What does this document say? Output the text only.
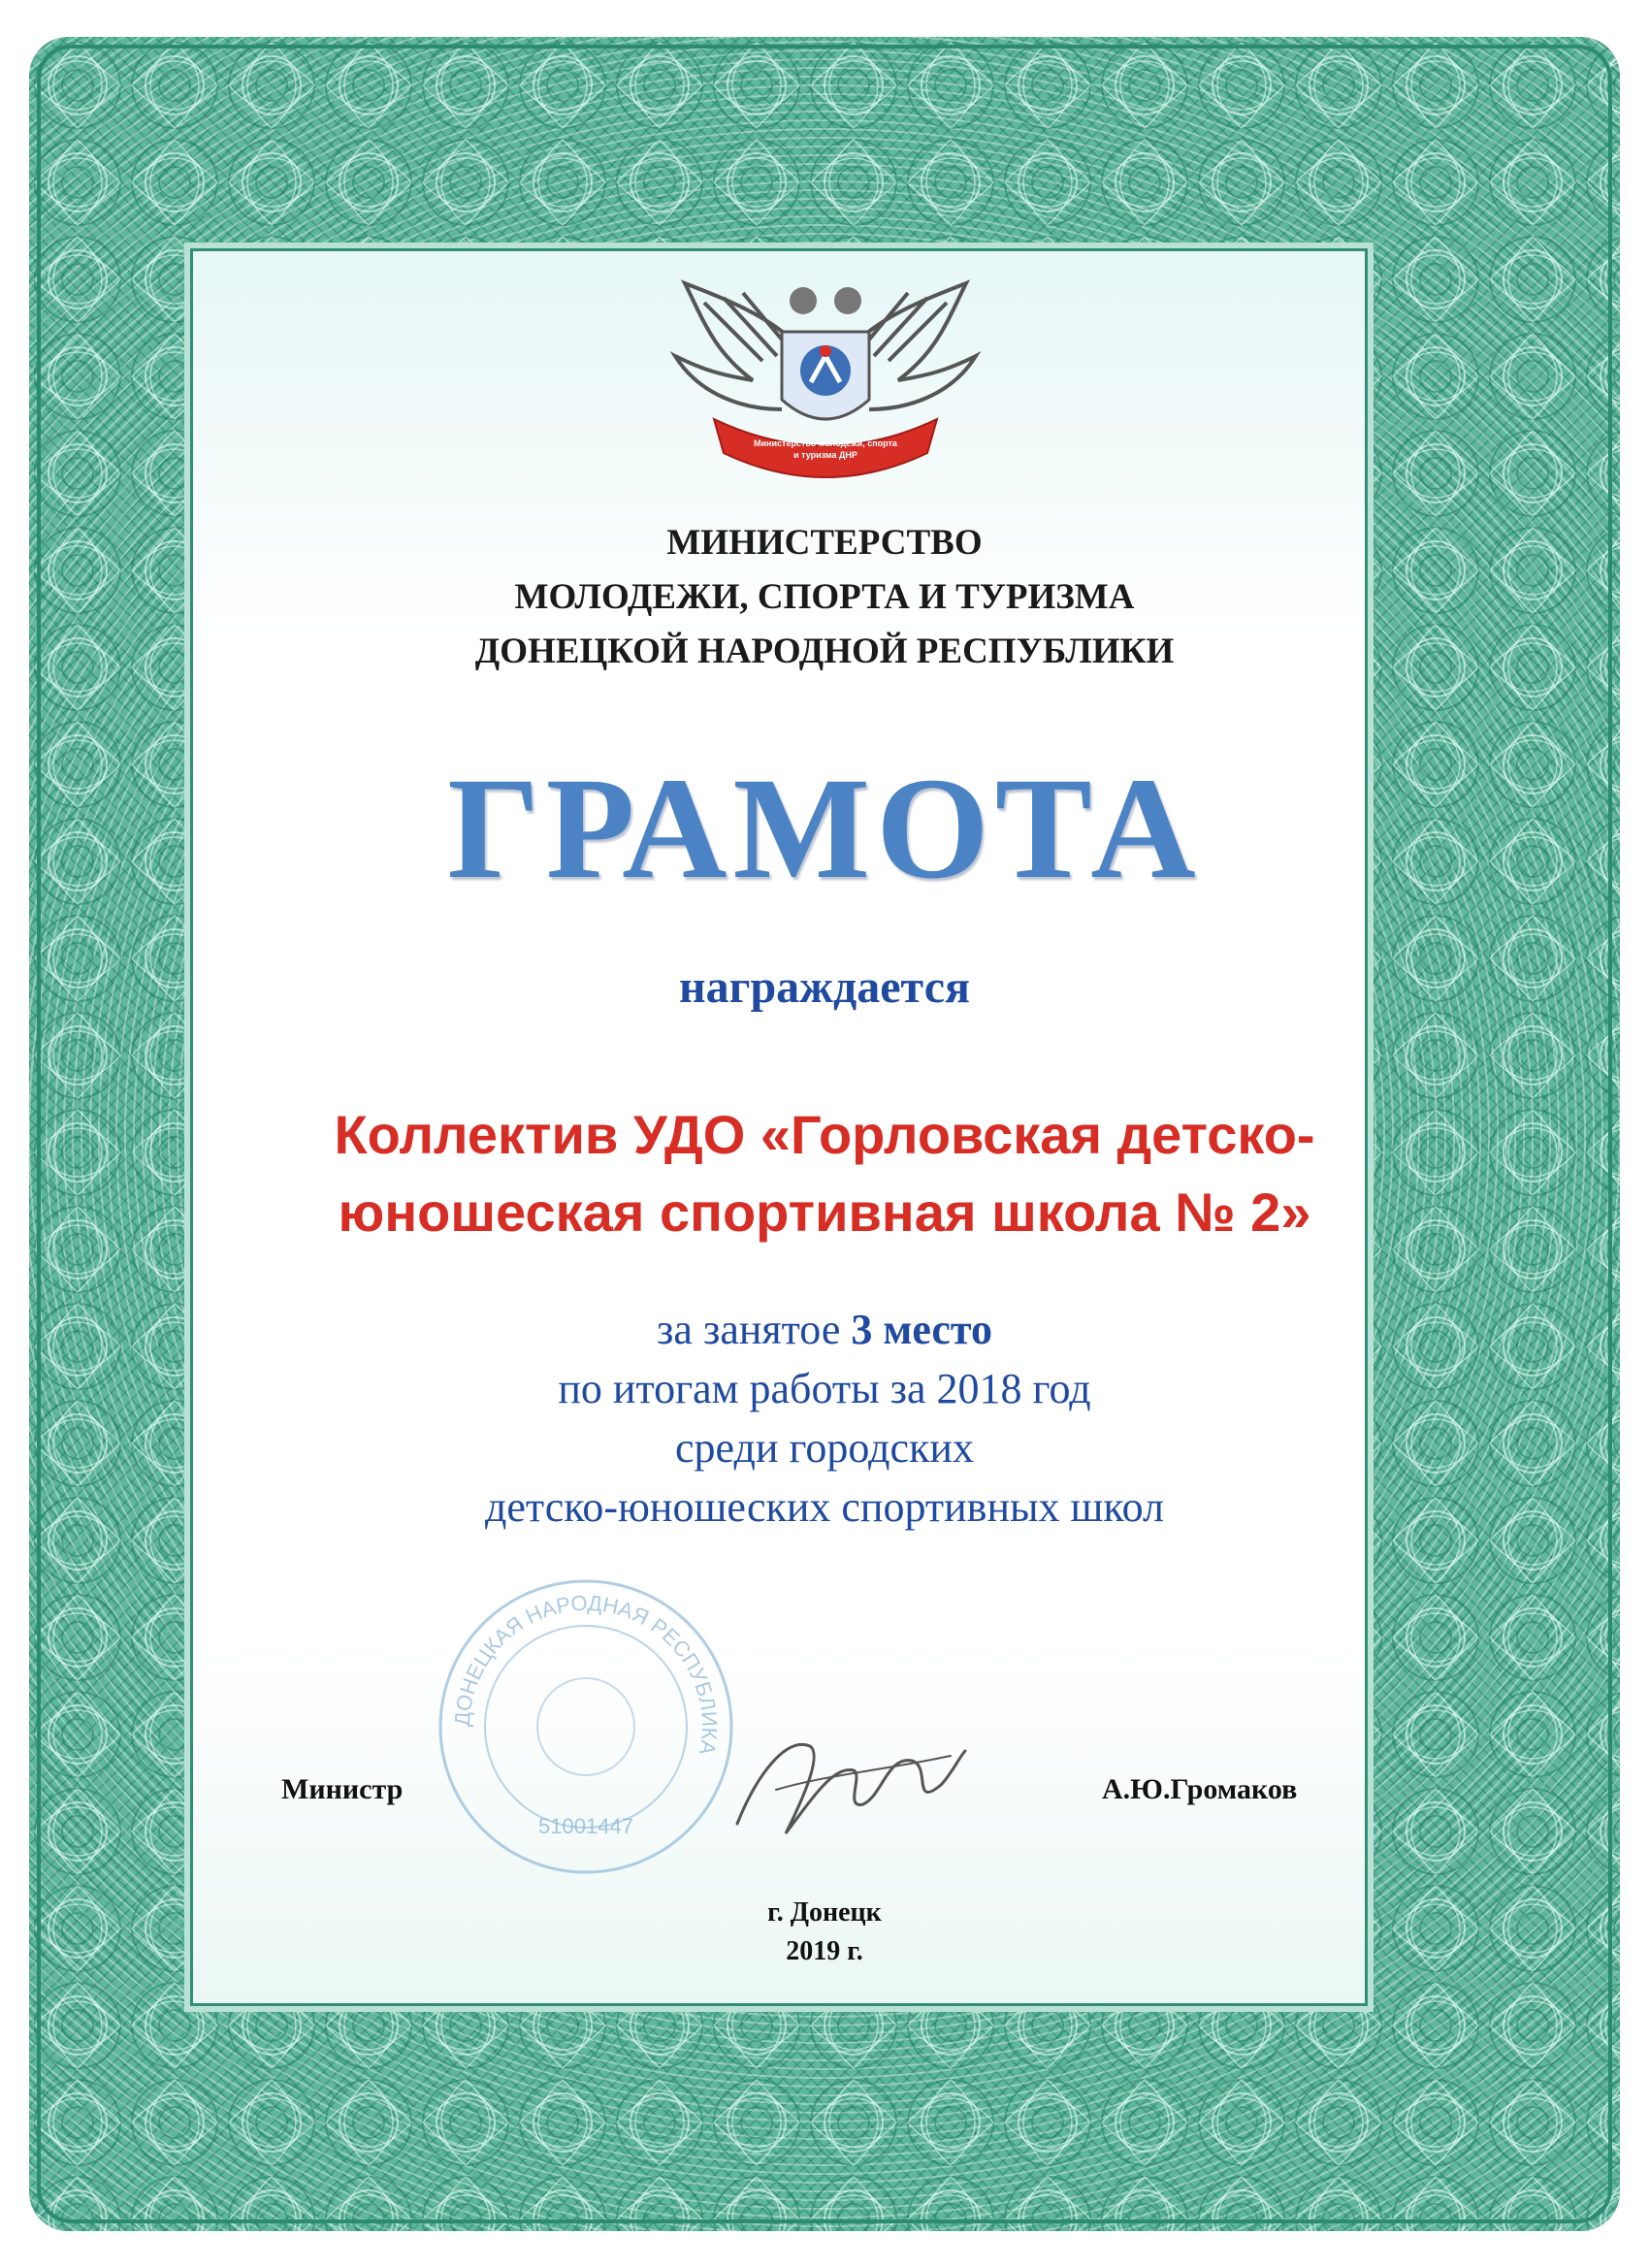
Министерство молодёжи, спорта
и туризма ДНР
МИНИСТЕРСТВО
МОЛОДЕЖИ, СПОРТА И ТУРИЗМА
ДОНЕЦКОЙ НАРОДНОЙ РЕСПУБЛИКИ
ГРАМОТА
награждается
Коллектив УДО «Горловская детско-
юношеская спортивная школа № 2»
за занятое 3 место
по итогам работы за 2018 год
среди городских
детско-юношеских спортивных школ
ДОНЕЦКАЯ НАРОДНАЯ РЕСПУБЛИКА
51001447
Министр	А.Ю.Громаков
г. Донецк
2019 г.
